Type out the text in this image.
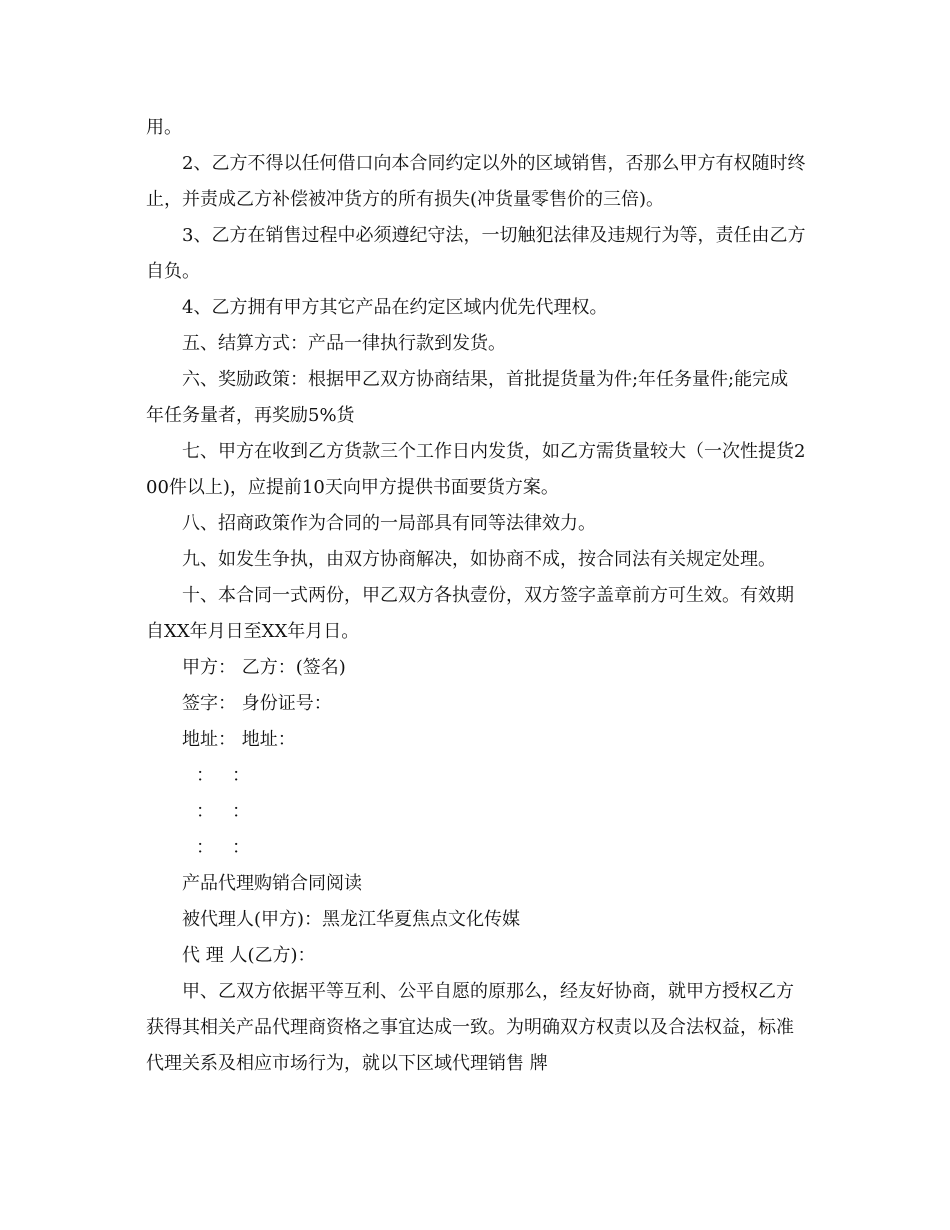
用。

2、乙方不得以任何借口向本合同约定以外的区域销售，否那么甲方有权随时终止，并责成乙方补偿被冲货方的所有损失(冲货量零售价的三倍)。

3、乙方在销售过程中必须遵纪守法，一切触犯法律及违规行为等，责任由乙方自负。

4、乙方拥有甲方其它产品在约定区域内优先代理权。

五、结算方式：产品一律执行款到发货。

六、奖励政策：根据甲乙双方协商结果，首批提货量为件;年任务量件;能完成年任务量者，再奖励5%货

七、甲方在收到乙方货款三个工作日内发货，如乙方需货量较大（一次性提货200件以上)，应提前10天向甲方提供书面要货方案。

八、招商政策作为合同的一局部具有同等法律效力。

九、如发生争执，由双方协商解决，如协商不成，按合同法有关规定处理。

十、本合同一式两份，甲乙双方各执壹份，双方签字盖章前方可生效。有效期自XX年月日至XX年月日。

甲方： 乙方：(签名)

签字： 身份证号：

地址： 地址：

： ：
： ：
： ：

产品代理购销合同阅读

被代理人(甲方)：黑龙江华夏焦点文化传媒

代 理 人(乙方)：

甲、乙双方依据平等互利、公平自愿的原那么，经友好协商，就甲方授权乙方获得其相关产品代理商资格之事宜达成一致。为明确双方权责以及合法权益，标准代理关系及相应市场行为，就以下区域代理销售 牌
